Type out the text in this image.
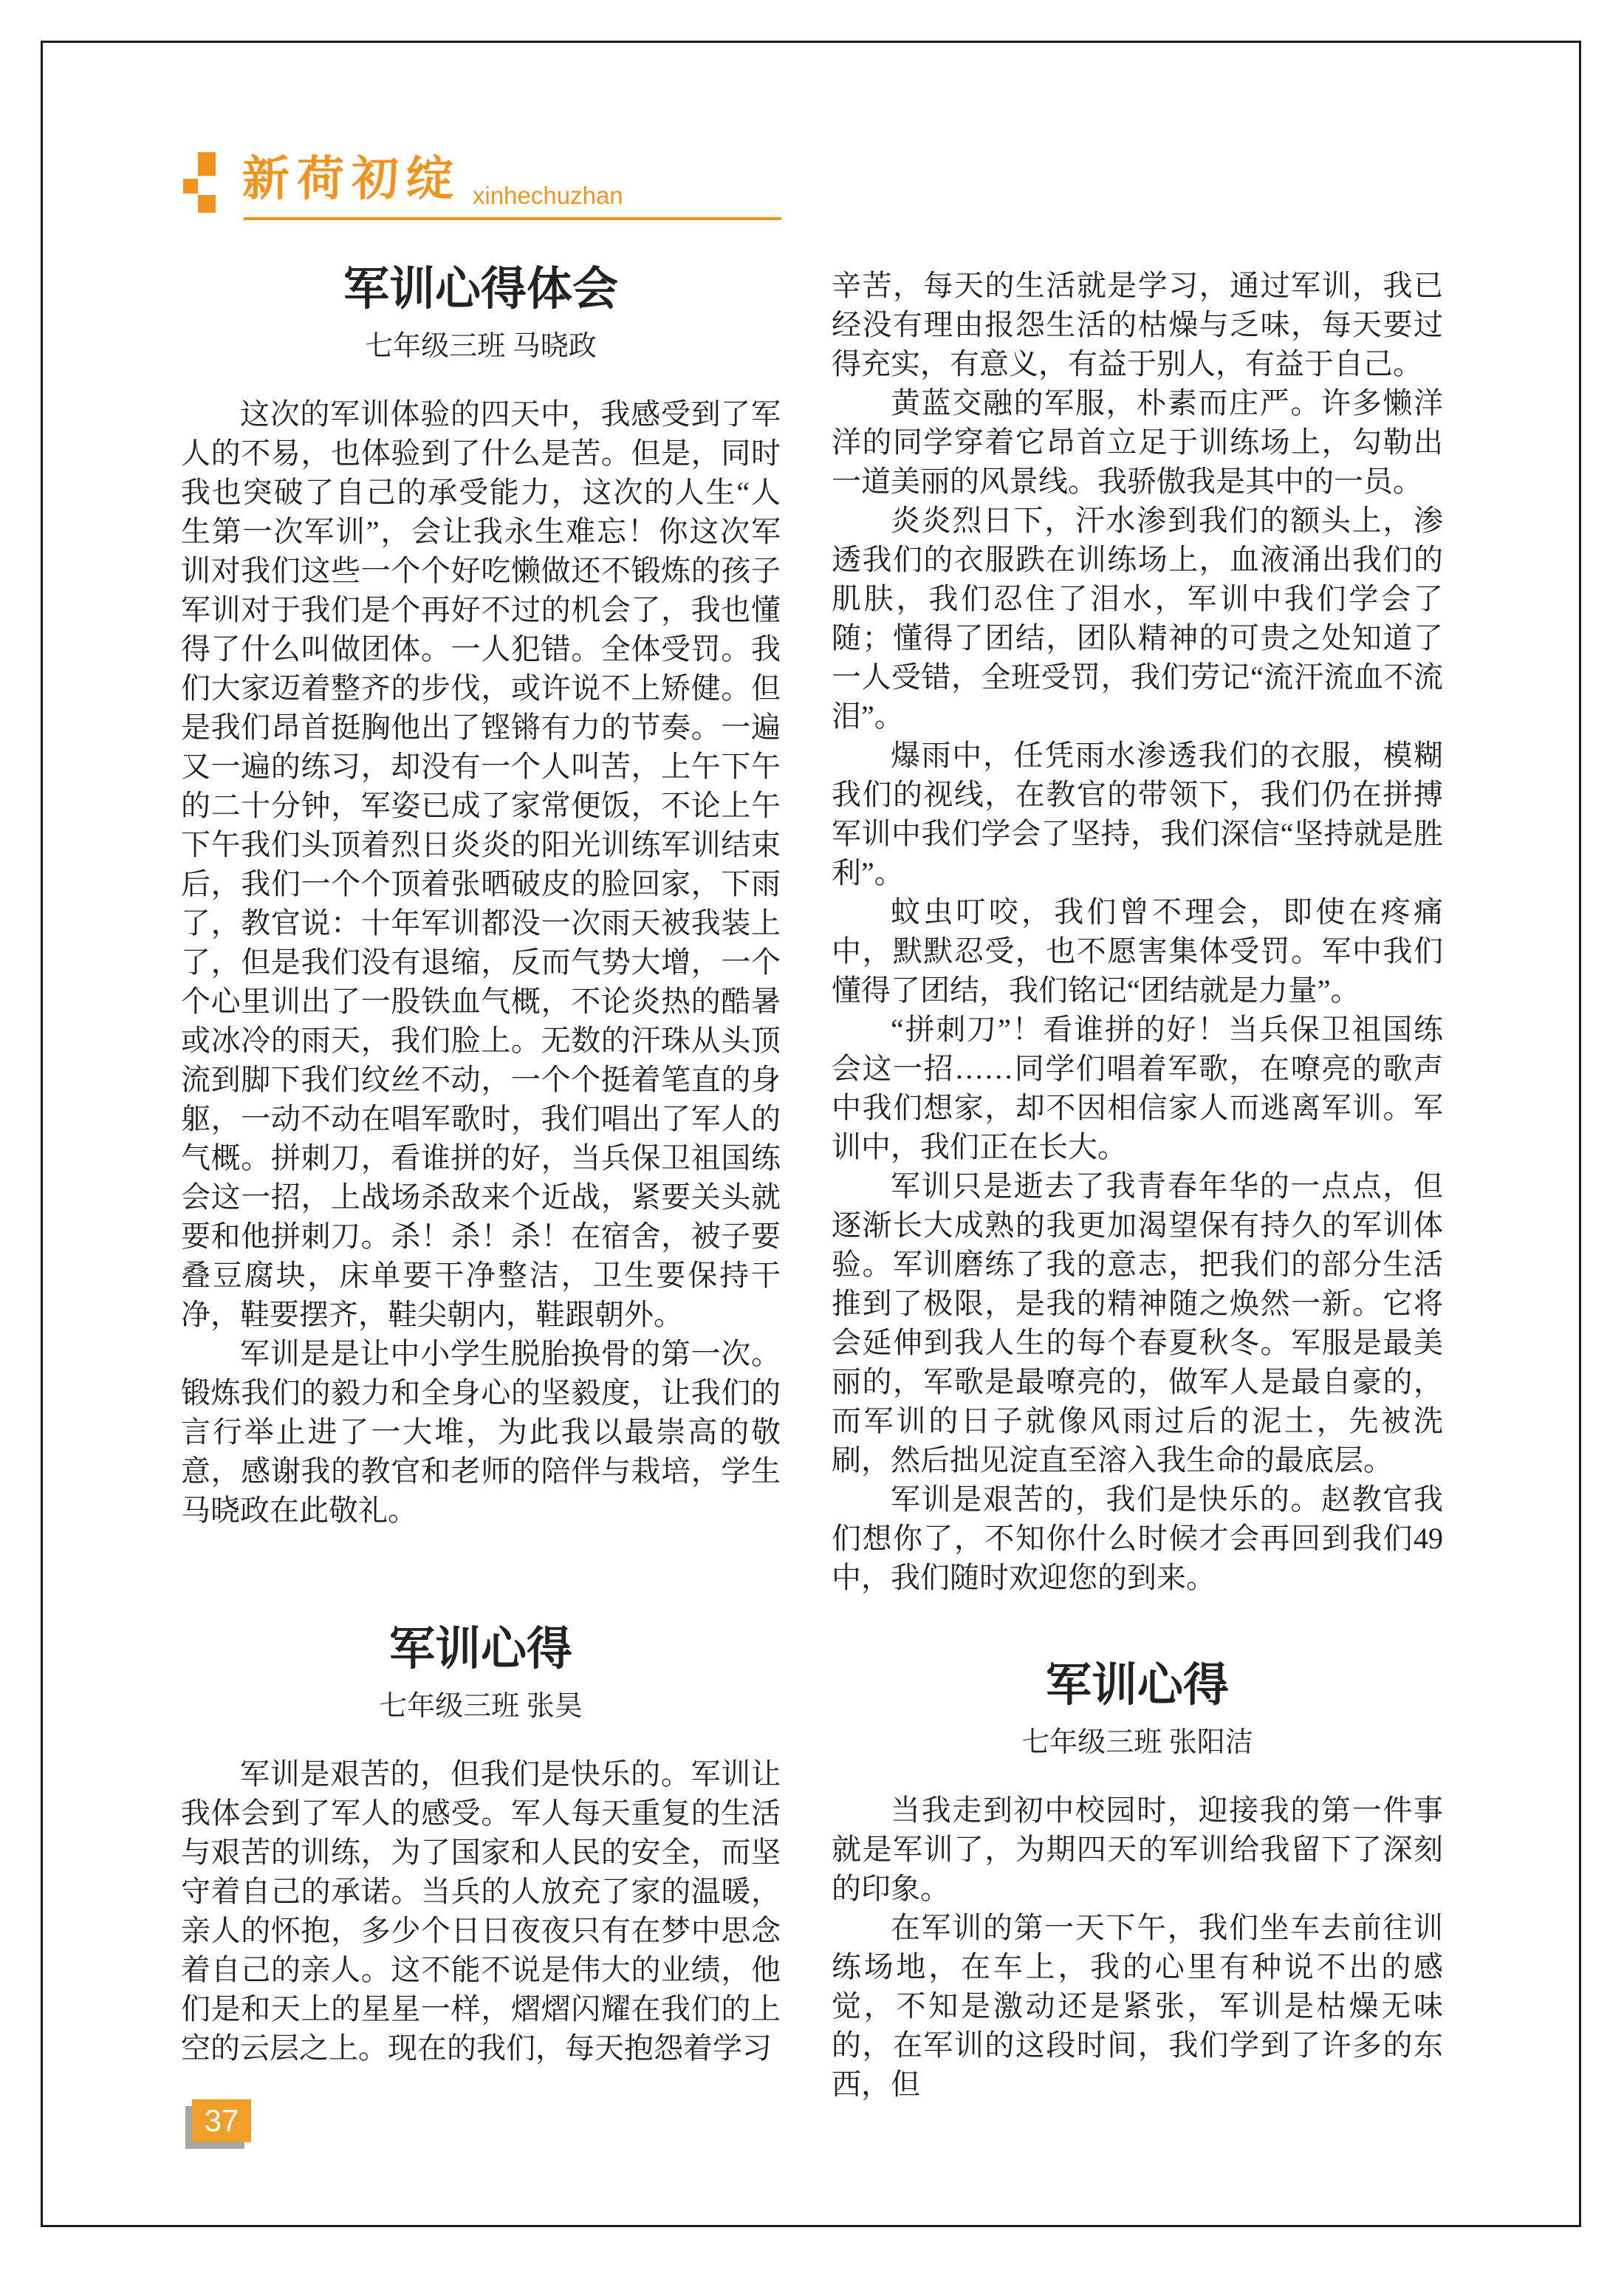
新荷初绽 xinhechuzhan
军训心得体会
七年级三班 马晓政

这次的军训体验的四天中，我感受到了军人的不易，也体验到了什么是苦。但是，同时我也突破了自己的承受能力，这次的人生“人生第一次军训”，会让我永生难忘！你这次军训对我们这些一个个好吃懒做还不锻炼的孩子军训对于我们是个再好不过的机会了，我也懂得了什么叫做团体。一人犯错。全体受罚。我们大家迈着整齐的步伐，或许说不上矫健。但是我们昂首挺胸他出了铿锵有力的节奏。一遍又一遍的练习，却没有一个人叫苦，上午下午的二十分钟，军姿已成了家常便饭，不论上午下午我们头顶着烈日炎炎的阳光训练军训结束后，我们一个个顶着张晒破皮的脸回家，下雨了，教官说：十年军训都没一次雨天被我装上了，但是我们没有退缩，反而气势大增，一个个心里训出了一股铁血气概，不论炎热的酷暑或冰冷的雨天，我们脸上。无数的汗珠从头顶流到脚下我们纹丝不动，一个个挺着笔直的身躯，一动不动在唱军歌时，我们唱出了军人的气概。拼刺刀，看谁拼的好，当兵保卫祖国练会这一招，上战场杀敌来个近战，紧要关头就要和他拼刺刀。杀！杀！杀！在宿舍，被子要叠豆腐块，床单要干净整洁，卫生要保持干净，鞋要摆齐，鞋尖朝内，鞋跟朝外。

军训是是让中小学生脱胎换骨的第一次。锻炼我们的毅力和全身心的坚毅度，让我们的言行举止进了一大堆，为此我以最崇高的敬意，感谢我的教官和老师的陪伴与栽培，学生马晓政在此敬礼。

军训心得
七年级三班 张昊

军训是艰苦的，但我们是快乐的。军训让我体会到了军人的感受。军人每天重复的生活与艰苦的训练，为了国家和人民的安全，而坚守着自己的承诺。当兵的人放充了家的温暖，亲人的怀抱，多少个日日夜夜只有在梦中思念着自己的亲人。这不能不说是伟大的业绩，他们是和天上的星星一样，熠熠闪耀在我们的上空的云层之上。现在的我们，每天抱怨着学习

辛苦，每天的生活就是学习，通过军训，我已经没有理由报怨生活的枯燥与乏味，每天要过得充实，有意义，有益于别人，有益于自己。

黄蓝交融的军服，朴素而庄严。许多懒洋洋的同学穿着它昂首立足于训练场上，勾勒出一道美丽的风景线。我骄傲我是其中的一员。

炎炎烈日下，汗水渗到我们的额头上，渗透我们的衣服跌在训练场上，血液涌出我们的肌肤，我们忍住了泪水，军训中我们学会了随；懂得了团结，团队精神的可贵之处知道了一人受错，全班受罚，我们劳记“流汗流血不流泪”。

爆雨中，任凭雨水渗透我们的衣服，模糊我们的视线，在教官的带领下，我们仍在拼搏军训中我们学会了坚持，我们深信“坚持就是胜利”。

蚊虫叮咬，我们曾不理会，即使在疼痛中，默默忍受，也不愿害集体受罚。军中我们懂得了团结，我们铭记“团结就是力量”。

“拼刺刀”！看谁拼的好！当兵保卫祖国练会这一招……同学们唱着军歌，在嘹亮的歌声中我们想家，却不因相信家人而逃离军训。军训中，我们正在长大。

军训只是逝去了我青春年华的一点点，但逐渐长大成熟的我更加渴望保有持久的军训体验。军训磨练了我的意志，把我们的部分生活推到了极限，是我的精神随之焕然一新。它将会延伸到我人生的每个春夏秋冬。军服是最美丽的，军歌是最嘹亮的，做军人是最自豪的，而军训的日子就像风雨过后的泥土，先被洗刷，然后拙见淀直至溶入我生命的最底层。

军训是艰苦的，我们是快乐的。赵教官我们想你了，不知你什么时候才会再回到我们49中，我们随时欢迎您的到来。

军训心得
七年级三班 张阳洁

当我走到初中校园时，迎接我的第一件事就是军训了，为期四天的军训给我留下了深刻的印象。

在军训的第一天下午，我们坐车去前往训练场地，在车上，我的心里有种说不出的感觉，不知是激动还是紧张，军训是枯燥无味的，在军训的这段时间，我们学到了许多的东西，但

37
